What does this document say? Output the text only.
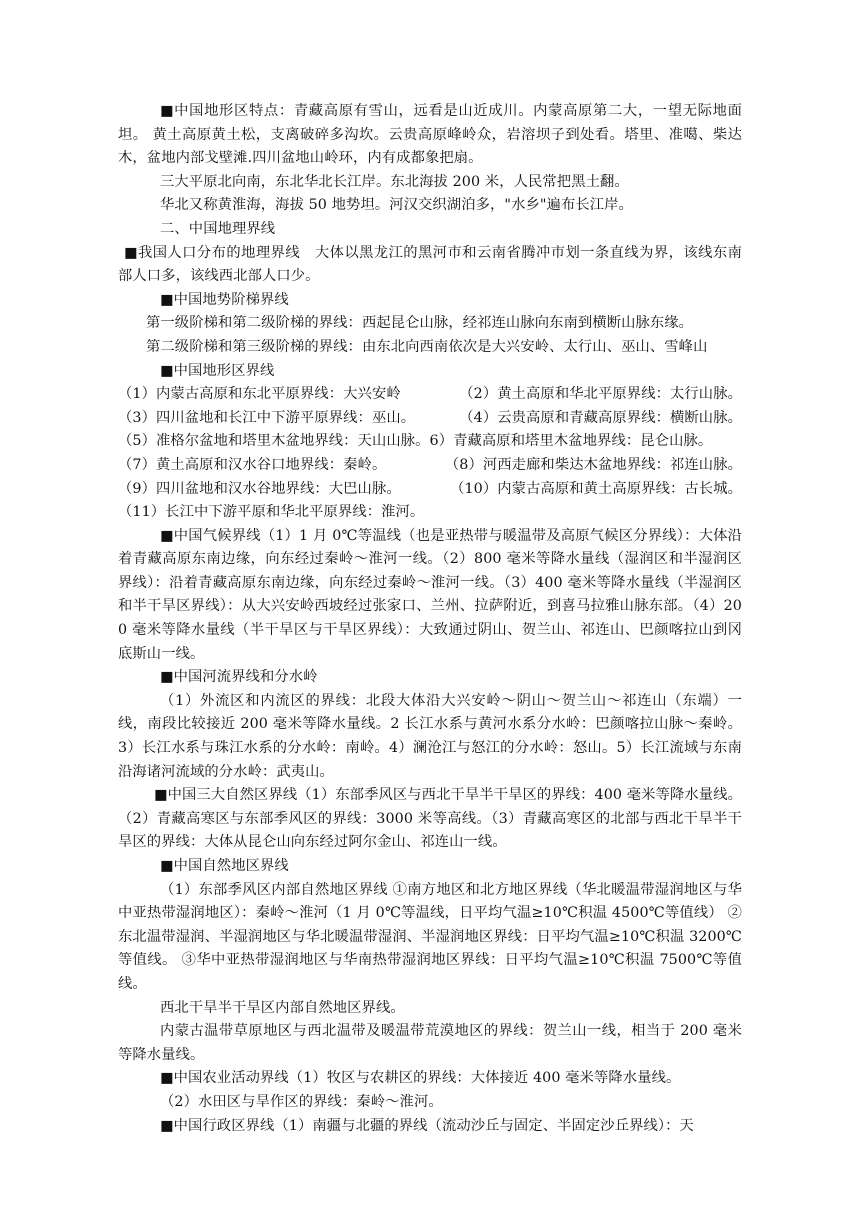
■中国地形区特点：青藏高原有雪山，远看是山近成川。内蒙高原第二大，一望无际地面坦。 黄土高原黄土松，支离破碎多沟坎。云贵高原峰岭众，岩溶坝子到处看。塔里、准噶、柴达木，盆地内部戈壁滩.四川盆地山岭环，内有成都象把扇。

三大平原北向南，东北华北长江岸。东北海拔 200 米，人民常把黑土翻。

华北又称黄淮海，海拔 50 地势坦。河汉交织湖泊多，"水乡"遍布长江岸。

二、中国地理界线

■我国人口分布的地理界线　大体以黑龙江的黑河市和云南省腾冲市划一条直线为界，该线东南部人口多，该线西北部人口少。

■中国地势阶梯界线

第一级阶梯和第二级阶梯的界线：西起昆仑山脉，经祁连山脉向东南到横断山脉东缘。

第二级阶梯和第三级阶梯的界线：由东北向西南依次是大兴安岭、太行山、巫山、雪峰山

■中国地形区界线

（1）内蒙古高原和东北平原界线：大兴安岭	（2）黄土高原和华北平原界线：太行山脉。
（3）四川盆地和长江中下游平原界线：巫山。	（4）云贵高原和青藏高原界线：横断山脉。
（5）准格尔盆地和塔里木盆地界线：天山山脉。6）青藏高原和塔里木盆地界线：昆仑山脉。
（7）黄土高原和汉水谷口地界线：秦岭。	（8）河西走廊和柴达木盆地界线：祁连山脉。
（9）四川盆地和汉水谷地界线：大巴山脉。	（10）内蒙古高原和黄土高原界线：古长城。
（11）长江中下游平原和华北平原界线：淮河。

■中国气候界线（1）1 月 0℃等温线（也是亚热带与暖温带及高原气候区分界线）：大体沿着青藏高原东南边缘，向东经过秦岭～淮河一线。（2）800 毫米等降水量线（湿润区和半湿润区界线）：沿着青藏高原东南边缘，向东经过秦岭～淮河一线。（3）400 毫米等降水量线（半湿润区和半干旱区界线）：从大兴安岭西坡经过张家口、兰州、拉萨附近，到喜马拉雅山脉东部。（4）200 毫米等降水量线（半干旱区与干旱区界线）：大致通过阴山、贺兰山、祁连山、巴颜喀拉山到冈底斯山一线。

■中国河流界线和分水岭

（1）外流区和内流区的界线：北段大体沿大兴安岭～阴山～贺兰山～祁连山（东端）一线，南段比较接近 200 毫米等降水量线。2 长江水系与黄河水系分水岭：巴颜喀拉山脉～秦岭。3）长江水系与珠江水系的分水岭：南岭。4）澜沧江与怒江的分水岭：怒山。5）长江流域与东南沿海诸河流域的分水岭：武夷山。

■中国三大自然区界线（1）东部季风区与西北干旱半干旱区的界线：400 毫米等降水量线。（2）青藏高寒区与东部季风区的界线：3000 米等高线。（3）青藏高寒区的北部与西北干旱半干旱区的界线：大体从昆仑山向东经过阿尔金山、祁连山一线。

■中国自然地区界线

（1）东部季风区内部自然地区界线 ①南方地区和北方地区界线（华北暖温带湿润地区与华中亚热带湿润地区）：秦岭～淮河（1 月 0℃等温线，日平均气温≥10℃积温 4500℃等值线） ② 东北温带湿润、半湿润地区与华北暖温带湿润、半湿润地区界线：日平均气温≥10℃积温 3200℃等值线。 ③华中亚热带湿润地区与华南热带湿润地区界线：日平均气温≥10℃积温 7500℃等值线。

西北干旱半干旱区内部自然地区界线。

内蒙古温带草原地区与西北温带及暖温带荒漠地区的界线：贺兰山一线，相当于 200 毫米等降水量线。

■中国农业活动界线（1）牧区与农耕区的界线：大体接近 400 毫米等降水量线。

（2）水田区与旱作区的界线：秦岭～淮河。

■中国行政区界线（1）南疆与北疆的界线（流动沙丘与固定、半固定沙丘界线）：天
